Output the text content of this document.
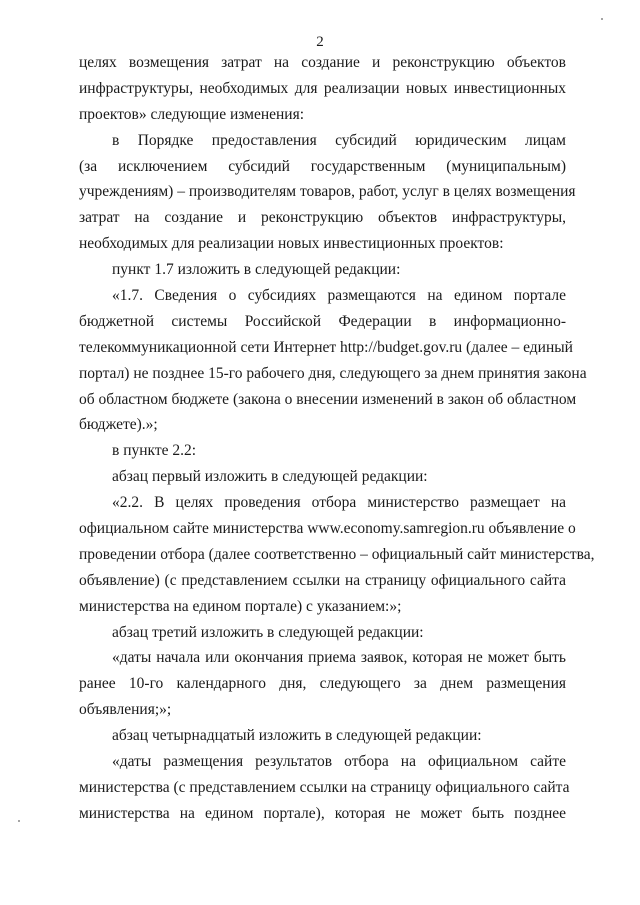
2
целях возмещения затрат на создание и реконструкцию объектов
инфраструктуры, необходимых для реализации новых инвестиционных
проектов» следующие изменения:
в Порядке предоставления субсидий юридическим лицам
(за исключением субсидий государственным (муниципальным)
учреждениям) – производителям товаров, работ, услуг в целях возмещения
затрат на создание и реконструкцию объектов инфраструктуры,
необходимых для реализации новых инвестиционных проектов:
пункт 1.7 изложить в следующей редакции:
«1.7. Сведения о субсидиях размещаются на едином портале
бюджетной системы Российской Федерации в информационно-
телекоммуникационной сети Интернет http://budget.gov.ru (далее – единый
портал) не позднее 15-го рабочего дня, следующего за днем принятия закона
об областном бюджете (закона о внесении изменений в закон об областном
бюджете).»;
в пункте 2.2:
абзац первый изложить в следующей редакции:
«2.2. В целях проведения отбора министерство размещает на
официальном сайте министерства www.economy.samregion.ru объявление о
проведении отбора (далее соответственно – официальный сайт министерства,
объявление) (с представлением ссылки на страницу официального сайта
министерства на едином портале) с указанием:»;
абзац третий изложить в следующей редакции:
«даты начала или окончания приема заявок, которая не может быть
ранее 10-го календарного дня, следующего за днем размещения
объявления;»;
абзац четырнадцатый изложить в следующей редакции:
«даты размещения результатов отбора на официальном сайте
министерства (с представлением ссылки на страницу официального сайта
министерства на едином портале), которая не может быть позднее
